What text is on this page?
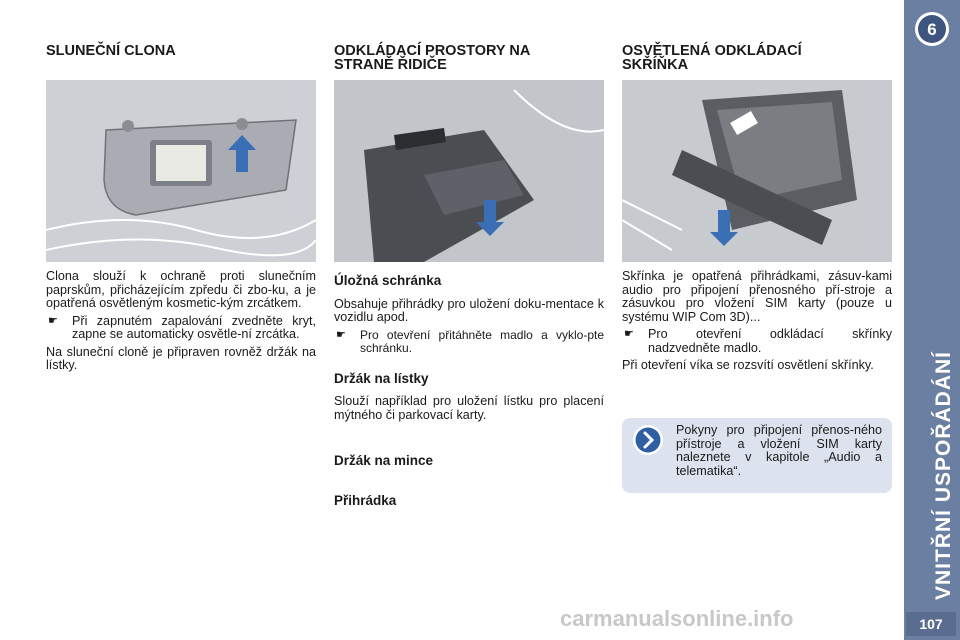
6
VNITŘNÍ USPOŘÁDÁNÍ
107
SLUNEČNÍ CLONA

Clona slouží k ochraně proti slunečním paprskům, přicházejícím zpředu či zbo-ku, a je opatřená osvětleným kosmetic-kým zrcátkem.

☛	Při zapnutém zapalování zvedněte kryt, zapne se automaticky osvětle-ní zrcátka.

Na sluneční cloně je připraven rovněž držák na lístky.

ODKLÁDACÍ PROSTORY NA
STRANĚ ŘIDIČE

Úložná schránka

Obsahuje přihrádky pro uložení doku-mentace k vozidlu apod.

☛	Pro otevření přitáhněte madlo a vyklo-pte schránku.

Držák na lístky

Slouží například pro uložení lístku pro placení mýtného či parkovací karty.

Držák na mince

Přihrádka

OSVĚTLENÁ ODKLÁDACÍ
SKŘÍŇKA

Skřínka je opatřená přihrádkami, zásuv-kami audio pro připojení přenosného pří-stroje a zásuvkou pro vložení SIM karty (pouze u systému WIP Com 3D)...

☛	Pro otevření odkládací skřínky nadzvedněte madlo.

Při otevření víka se rozsvítí osvětlení skřínky.

Pokyny pro připojení přenos-ného přístroje a vložení SIM karty naleznete v kapitole „Audio a telematika“.
carmanualsonline.info
